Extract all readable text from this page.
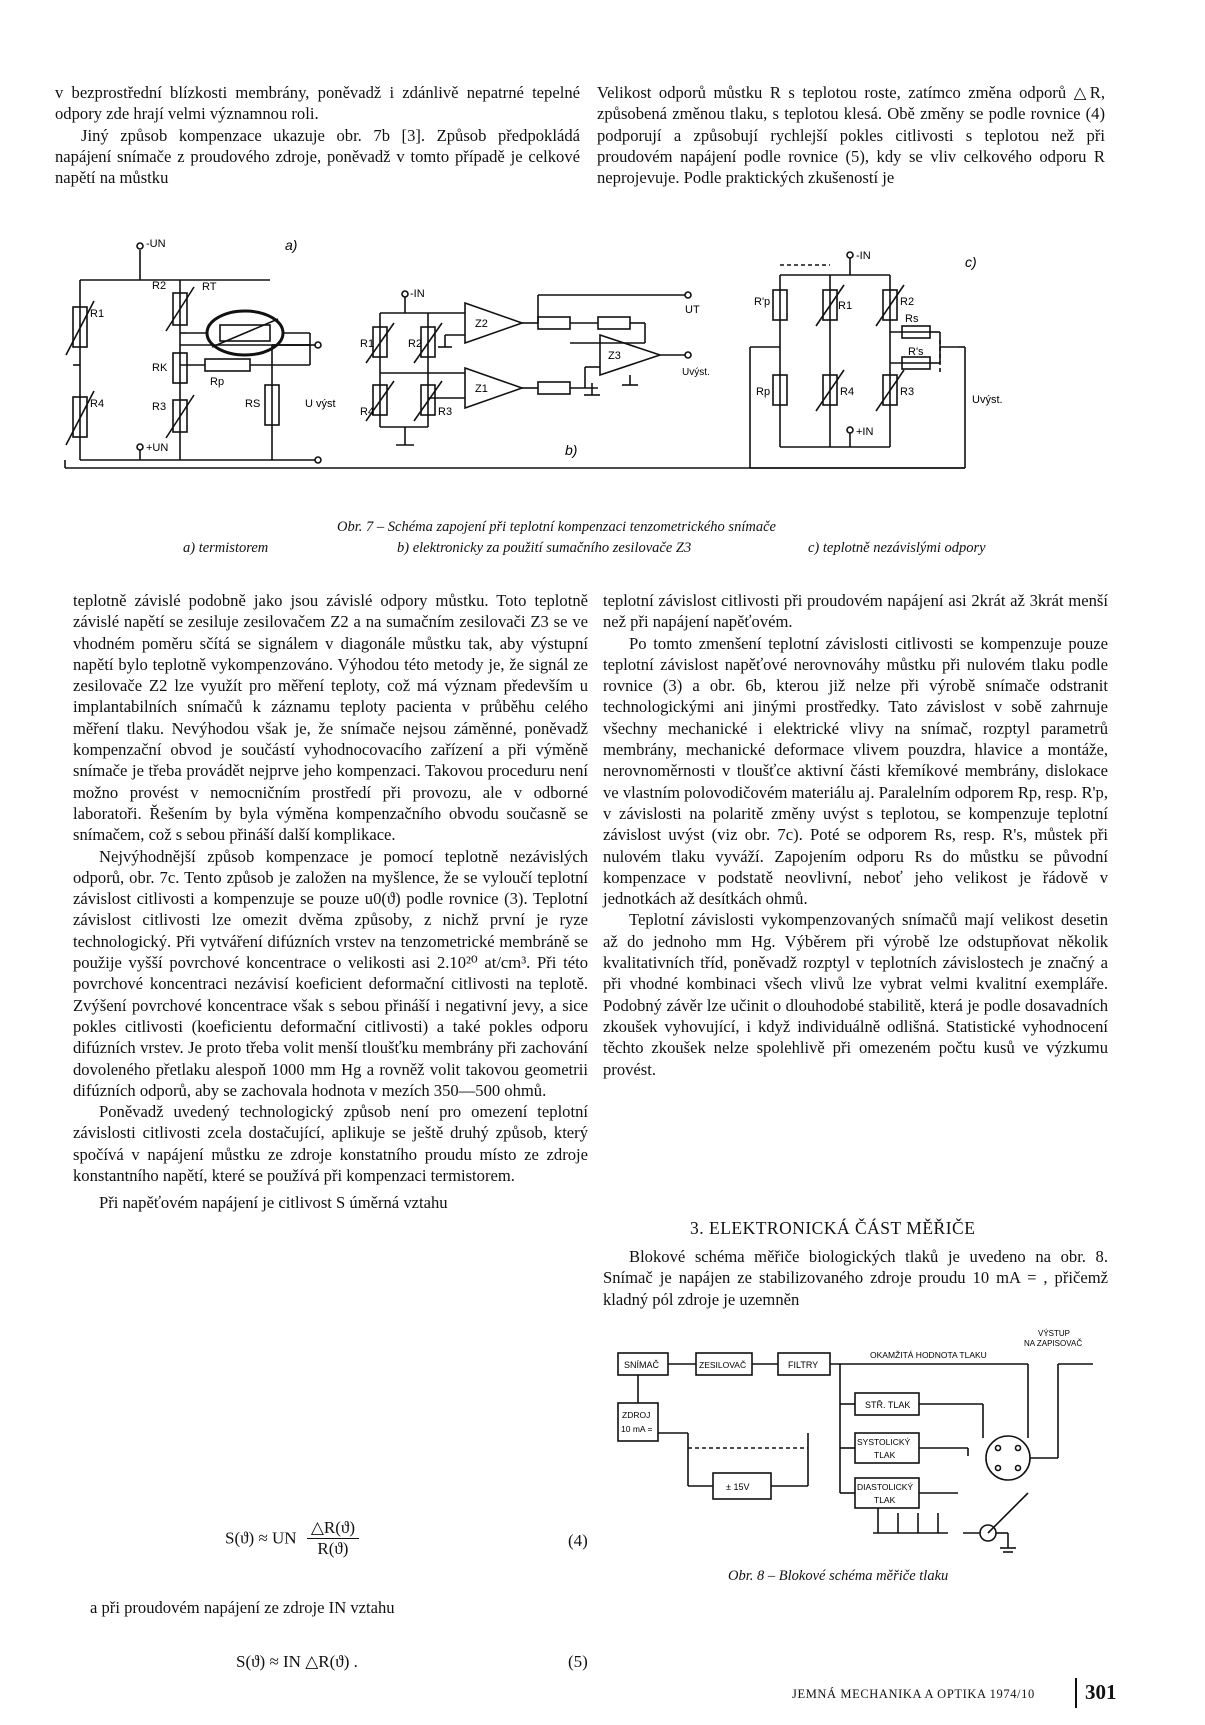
v bezprostřední blízkosti membrány, poněvadž i zdánlivě nepatrné tepelné odpory zde hrají velmi významnou roli.

Jiný způsob kompenzace ukazuje obr. 7b [3]. Způsob předpokládá napájení snímače z proudového zdroje, poněvadž v tomto případě je celkové napětí na můstku

Velikost odporů můstku R s teplotou roste, zatímco změna odporů △R, způsobená změnou tlaku, s teplotou klesá. Obě změny se podle rovnice (4) podporují a způsobují rychlejší pokles citlivosti s teplotou než při proudovém napájení podle rovnice (5), kdy se vliv celkového odporu R neprojevuje. Podle praktických zkušeností je

-UN
+UN
a)
R1
R2	RT
RK
R3
R4
Rp
RS	U výst
-IN
R1	R2
R4	R3
Z2
Z1
Z3
UT
Uvýst.
b)
-IN
+IN
c)
R'p
Rp
R1	R2
Rs
R's
R4	R3
Uvýst.
Obr. 7 – Schéma zapojení při teplotní kompenzaci tenzometrického snímače
a) termistorem	b) elektronicky za použití sumačního zesilovače Z3	c) teplotně nezávislými odpory

teplotně závislé podobně jako jsou závislé odpory můstku. Toto teplotně závislé napětí se zesiluje zesilovačem Z2 a na sumačním zesilovači Z3 se ve vhodném poměru sčítá se signálem v diagonále můstku tak, aby výstupní napětí bylo teplotně vykompenzováno. Výhodou této metody je, že signál ze zesilovače Z2 lze využít pro měření teploty, což má význam především u implantabilních snímačů k záznamu teploty pacienta v průběhu celého měření tlaku. Nevýhodou však je, že snímače nejsou záměnné, poněvadž kompenzační obvod je součástí vyhodnocovacího zařízení a při výměně snímače je třeba provádět nejprve jeho kompenzaci. Takovou proceduru není možno provést v nemocničním prostředí při provozu, ale v odborné laboratoři. Řešením by byla výměna kompenzačního obvodu současně se snímačem, což s sebou přináší další komplikace.

Nejvýhodnější způsob kompenzace je pomocí teplotně nezávislých odporů, obr. 7c. Tento způsob je založen na myšlence, že se vyloučí teplotní závislost citlivosti a kompenzuje se pouze u0(ϑ) podle rovnice (3). Teplotní závislost citlivosti lze omezit dvěma způsoby, z nichž první je ryze technologický. Při vytváření difúzních vrstev na tenzometrické membráně se použije vyšší povrchové koncentrace o velikosti asi 2.10²⁰ at/cm³. Při této povrchové koncentraci nezávisí koeficient deformační citlivosti na teplotě. Zvýšení povrchové koncentrace však s sebou přináší i negativní jevy, a sice pokles citlivosti (koeficientu deformační citlivosti) a také pokles odporu difúzních vrstev. Je proto třeba volit menší tloušťku membrány při zachování dovoleného přetlaku alespoň 1000 mm Hg a rovněž volit takovou geometrii difúzních odporů, aby se zachovala hodnota v mezích 350—500 ohmů.

Poněvadž uvedený technologický způsob není pro omezení teplotní závislosti citlivosti zcela dostačující, aplikuje se ještě druhý způsob, který spočívá v napájení můstku ze zdroje konstatního proudu místo ze zdroje konstantního napětí, které se používá při kompenzaci termistorem.

Při napěťovém napájení je citlivost S úměrná vztahu

S(ϑ) ≈ UN $\frac{\triangle R(ϑ)}{R(ϑ)}$	(4)
a při proudovém napájení ze zdroje IN vztahu
S(ϑ) ≈ IN △R(ϑ) .	(5)

teplotní závislost citlivosti při proudovém napájení asi 2krát až 3krát menší než při napájení napěťovém.

Po tomto zmenšení teplotní závislosti citlivosti se kompenzuje pouze teplotní závislost napěťové nerovnováhy můstku při nulovém tlaku podle rovnice (3) a obr. 6b, kterou již nelze při výrobě snímače odstranit technologickými ani jinými prostředky. Tato závislost v sobě zahrnuje všechny mechanické i elektrické vlivy na snímač, rozptyl parametrů membrány, mechanické deformace vlivem pouzdra, hlavice a montáže, nerovnoměrnosti v tloušťce aktivní části křemíkové membrány, dislokace ve vlastním polovodičovém materiálu aj. Paralelním odporem Rp, resp. R'p, v závislosti na polaritě změny uvýst s teplotou, se kompenzuje teplotní závislost uvýst (viz obr. 7c). Poté se odporem Rs, resp. R's, můstek při nulovém tlaku vyváží. Zapojením odporu Rs do můstku se původní kompenzace v podstatě neovlivní, neboť jeho velikost je řádově v jednotkách až desítkách ohmů.

Teplotní závislosti vykompenzovaných snímačů mají velikost desetin až do jednoho mm Hg. Výběrem při výrobě lze odstupňovat několik kvalitativních tříd, poněvadž rozptyl v teplotních závislostech je značný a při vhodné kombinaci všech vlivů lze vybrat velmi kvalitní exempláře. Podobný závěr lze učinit o dlouhodobé stabilitě, která je podle dosavadních zkoušek vyhovující, i když individuálně odlišná. Statistické vyhodnocení těchto zkoušek nelze spolehlivě při omezeném počtu kusů ve výzkumu provést.

3. ELEKTRONICKÁ ČÁST MĚŘIČE

Blokové schéma měřiče biologických tlaků je uvedeno na obr. 8. Snímač je napájen ze stabilizovaného zdroje proudu 10 mA = , přičemž kladný pól zdroje je uzemněn

SNÍMAČ	ZESILOVAČ	FILTRY
ZDROJ
10 mA =
± 15V
OKAMŽITÁ HODNOTA TLAKU
VÝSTUP
NA ZAPISOVAČ
STŘ. TLAK
SYSTOLICKÝ
TLAK
DIASTOLICKÝ
TLAK
Obr. 8 – Blokové schéma měřiče tlaku
JEMNÁ MECHANIKA A OPTIKA 1974/10 301
